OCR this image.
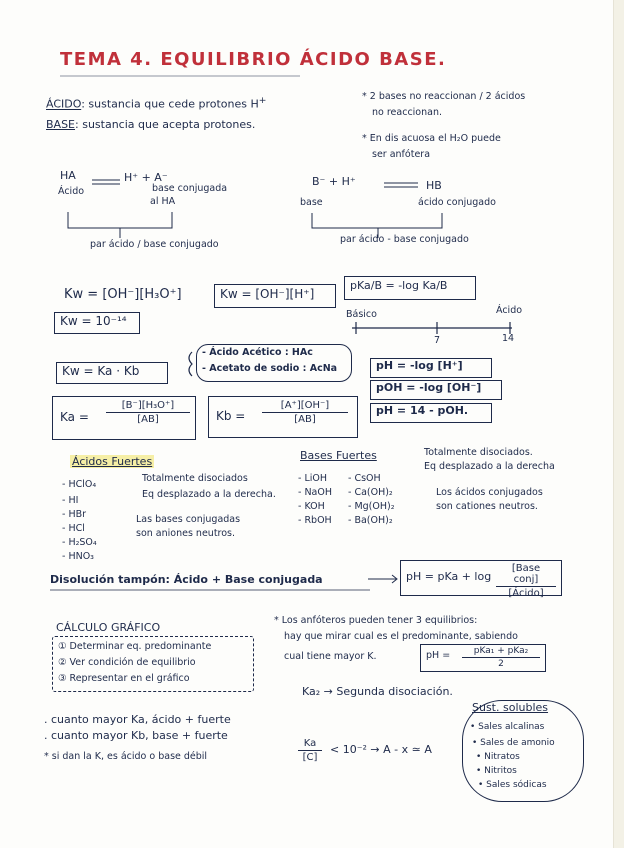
TEMA 4. EQUILIBRIO ÁCIDO BASE.
ÁCIDO: sustancia que cede protones H+
BASE: sustancia que acepta protones.
* 2 bases no reaccionan / 2 ácidos
no reaccionan.
* En dis acuosa el H₂O puede
ser anfótera
HA
Ácido
H⁺ + A⁻
base conjugada
al HA
par ácido / base conjugado
B⁻ + H⁺	HB
base	ácido conjugado
par ácido - base conjugado
Kw = [OH⁻][H₃O⁺]	Kw = [OH⁻][H⁺]
Kw = 10⁻¹⁴
pKa/B = -log Ka/B
Básico	Ácido
7	14
Kw = Ka · Kb
- Ácido Acético : HAc
- Acetato de sodio : AcNa	pH = -log [H⁺]
pOH = -log [OH⁻]
pH = 14 - pOH.
$Ka = \frac{\text{[B⁻][H₃O⁺]}}{[AB]}$ $Kb = \frac{[A^+][OH^-]}{[AB]}$
Ácidos Fuertes
- HClO₄
- HI
- HBr
- HCl
- H₂SO₄
- HNO₃
Totalmente disociados
Eq desplazado a la derecha.
Las bases conjugadas
son aniones neutros.
Bases Fuertes
- LiOH
- NaOH
- KOH
- RbOH
- CsOH
- Ca(OH)₂
- Mg(OH)₂
- Ba(OH)₂
Totalmente disociados.
Eq desplazado a la derecha
Los ácidos conjugados
son cationes neutros.
Disolución tampón: Ácido + Base conjugada	pH = pKa + log
[Base conj]
[Ácido]
CÁLCULO GRÁFICO
① Determinar eq. predominante
② Ver condición de equilibrio
③ Representar en el gráfico
* Los anfóteros pueden tener 3 equilibrios:
hay que mirar cual es el predominante, sabiendo
cual tiene mayor K.	pH =	pKa₁ + pKa₂
2
Ka₂ → Segunda disociación.
. cuanto mayor Ka, ácido + fuerte
. cuanto mayor Kb, base + fuerte
* si dan la K, es ácido o base débil	$\frac{Ka}{[C]} < 10^{-2} \to A - x$ ≃ A
Sust. solubles
• Sales alcalinas
• Sales de amonio
• Nitratos
• Nitritos
• Sales sódicas
